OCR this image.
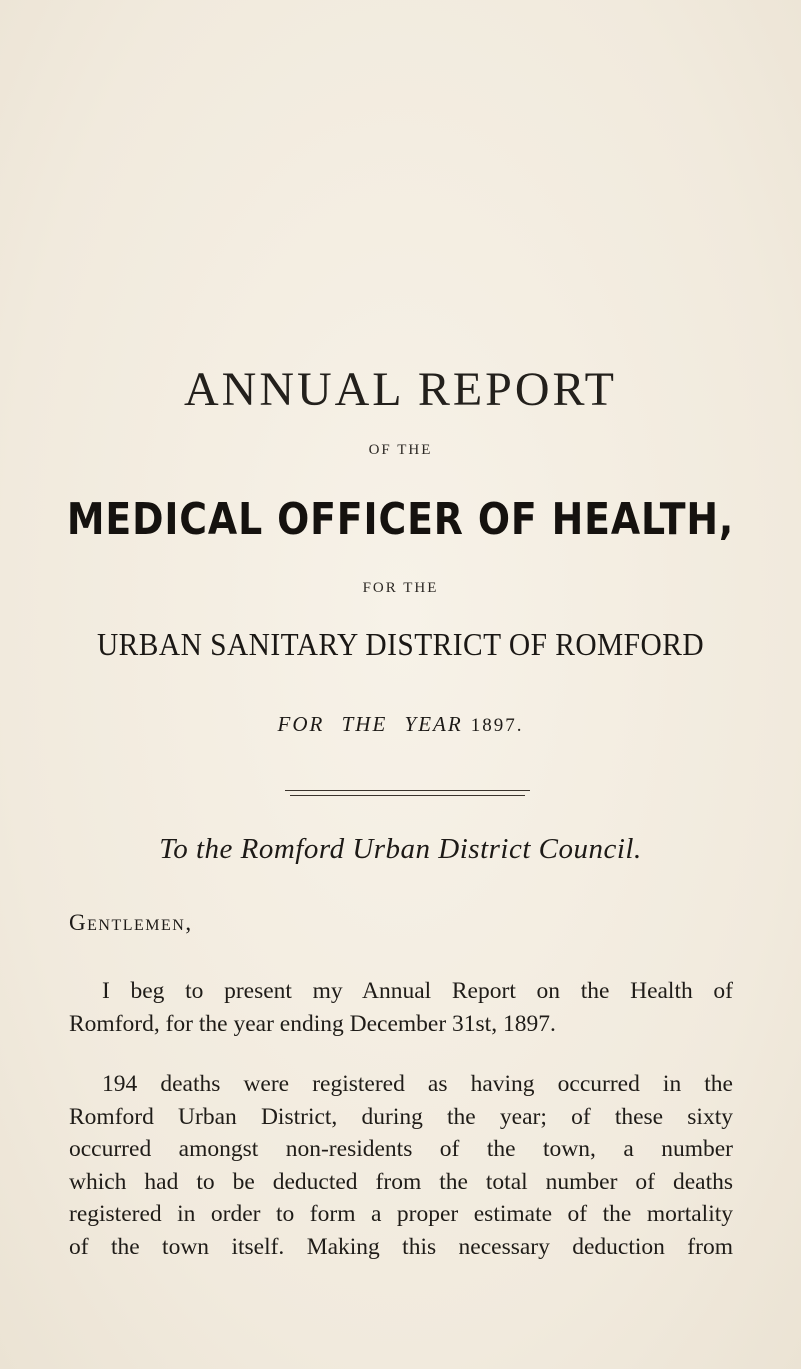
ANNUAL REPORT
OF THE
MEDICAL OFFICER OF HEALTH,
FOR THE
URBAN SANITARY DISTRICT OF ROMFORD
FOR THE YEAR 1897.
To the Romford Urban District Council.
Gentlemen,
I beg to present my Annual Report on the Health of
Romford, for the year ending December 31st, 1897.
194 deaths were registered as having occurred in the
Romford Urban District, during the year; of these sixty
occurred amongst non-residents of the town, a number
which had to be deducted from the total number of deaths
registered in order to form a proper estimate of the mortality
of the town itself. Making this necessary deduction from
